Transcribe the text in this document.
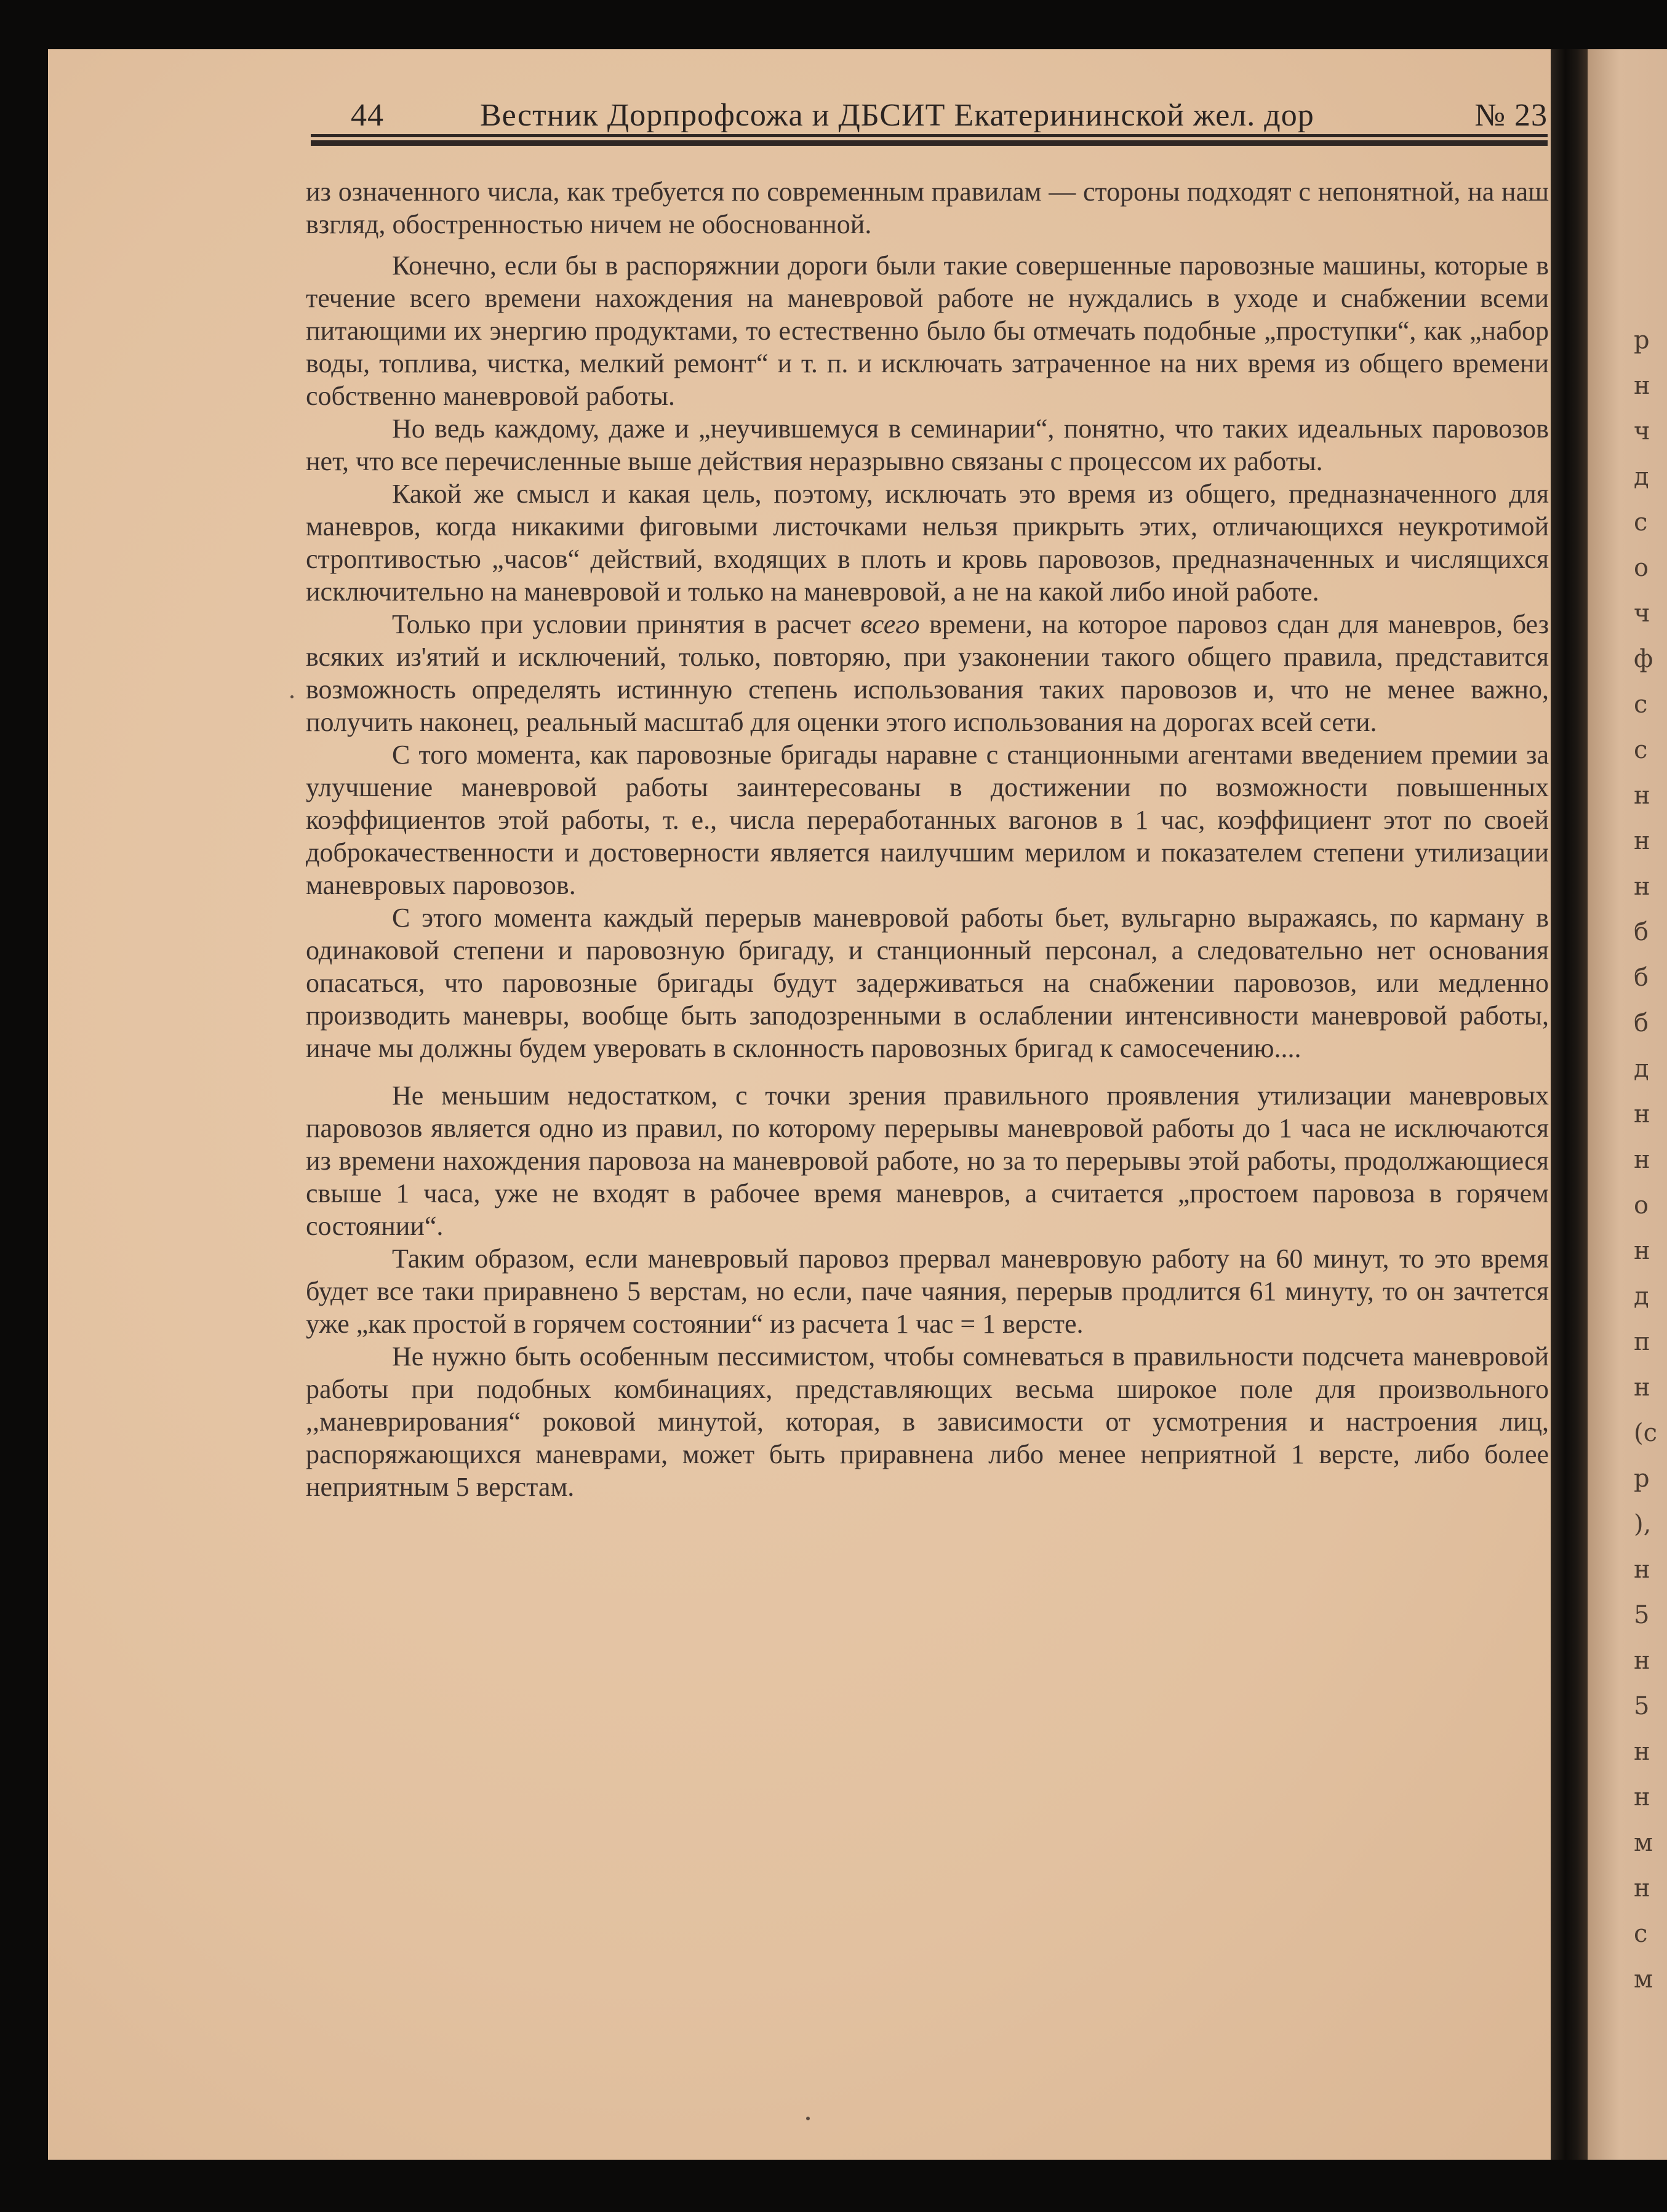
р
н
ч
д
с
о
ч
ф
с
с
н
н
н
б
б
б
д
н
н
о
н
д
п
н
(с
р
),
н
5
н
5
н
н
м
н
с
м
44	Вестник Дорпрофсожа и ДБСИТ Екатерининской жел. дор	№ 23

из означенного числа, как требуется по современным правилам — стороны подходят с непонятной, на наш взгляд, обостренностью ничем не обоснованной.

Конечно, если бы в распоряжнии дороги были такие совершенные паровозные машины, которые в течение всего времени нахождения на маневровой работе не нуждались в уходе и снабжении всеми питающими их энергию продуктами, то естественно было бы отмечать подобные „проступки“, как „набор воды, топлива, чистка, мелкий ремонт“ и т. п. и исключать затраченное на них время из общего времени собственно маневровой работы.

Но ведь каждому, даже и „неучившемуся в семинарии“, понятно, что таких идеальных паровозов нет, что все перечисленные выше действия неразрывно связаны с процессом их работы.

Какой же смысл и какая цель, поэтому, исключать это время из общего, предназначенного для маневров, когда никакими фиговыми листочками нельзя прикрыть этих, отличающихся неукротимой строптивостью „часов“ действий, входящих в плоть и кровь паровозов, предназначенных и числящихся исключительно на маневровой и только на маневровой, а не на какой либо иной работе.

Только при условии принятия в расчет всего времени, на которое паровоз сдан для маневров, без всяких из'ятий и исключений, только, повторяю, при узаконении такого общего правила, представится возможность определять истинную степень использования таких паровозов и, что не менее важно, получить наконец, реальный масштаб для оценки этого использования на дорогах всей сети.

С того момента, как паровозные бригады наравне с станционными агентами введением премии за улучшение маневровой работы заинтересованы в достижении по возможности повышенных коэффициентов этой работы, т. е., числа переработанных вагонов в 1 час, коэффициент этот по своей доброкачественности и достоверности является наилучшим мерилом и показателем степени утилизации маневровых паровозов.

С этого момента каждый перерыв маневровой работы бьет, вульгарно выражаясь, по карману в одинаковой степени и паровозную бригаду, и станционный персонал, а следовательно нет основания опасаться, что паровозные бригады будут задерживаться на снабжении паровозов, или медленно производить маневры, вообще быть заподозренными в ослаблении интенсивности маневровой работы, иначе мы должны будем уверовать в склонность паровозных бригад к самосечению....

Не меньшим недостатком, с точки зрения правильного проявления утилизации маневровых паровозов является одно из правил, по которому перерывы маневровой работы до 1 часа не исключаются из времени нахождения паровоза на маневровой работе, но за то перерывы этой работы, продолжающиеся свыше 1 часа, уже не входят в рабочее время маневров, а считается „простоем паровоза в горячем состоянии“.

Таким образом, если маневровый паровоз прервал маневровую работу на 60 минут, то это время будет все таки приравнено 5 верстам, но если, паче чаяния, перерыв продлится 61 минуту, то он зачтется уже „как простой в горячем состоянии“ из расчета 1 час = 1 версте.

Не нужно быть особенным пессимистом, чтобы сомневаться в правильности подсчета маневровой работы при подобных комбинациях, представляющих весьма широкое поле для произвольного ,,маневрирования“ роковой минутой, которая, в зависимости от усмотрения и настроения лиц, распоряжающихся маневрами, может быть приравнена либо менее неприятной 1 версте, либо более неприятным 5 верстам.
